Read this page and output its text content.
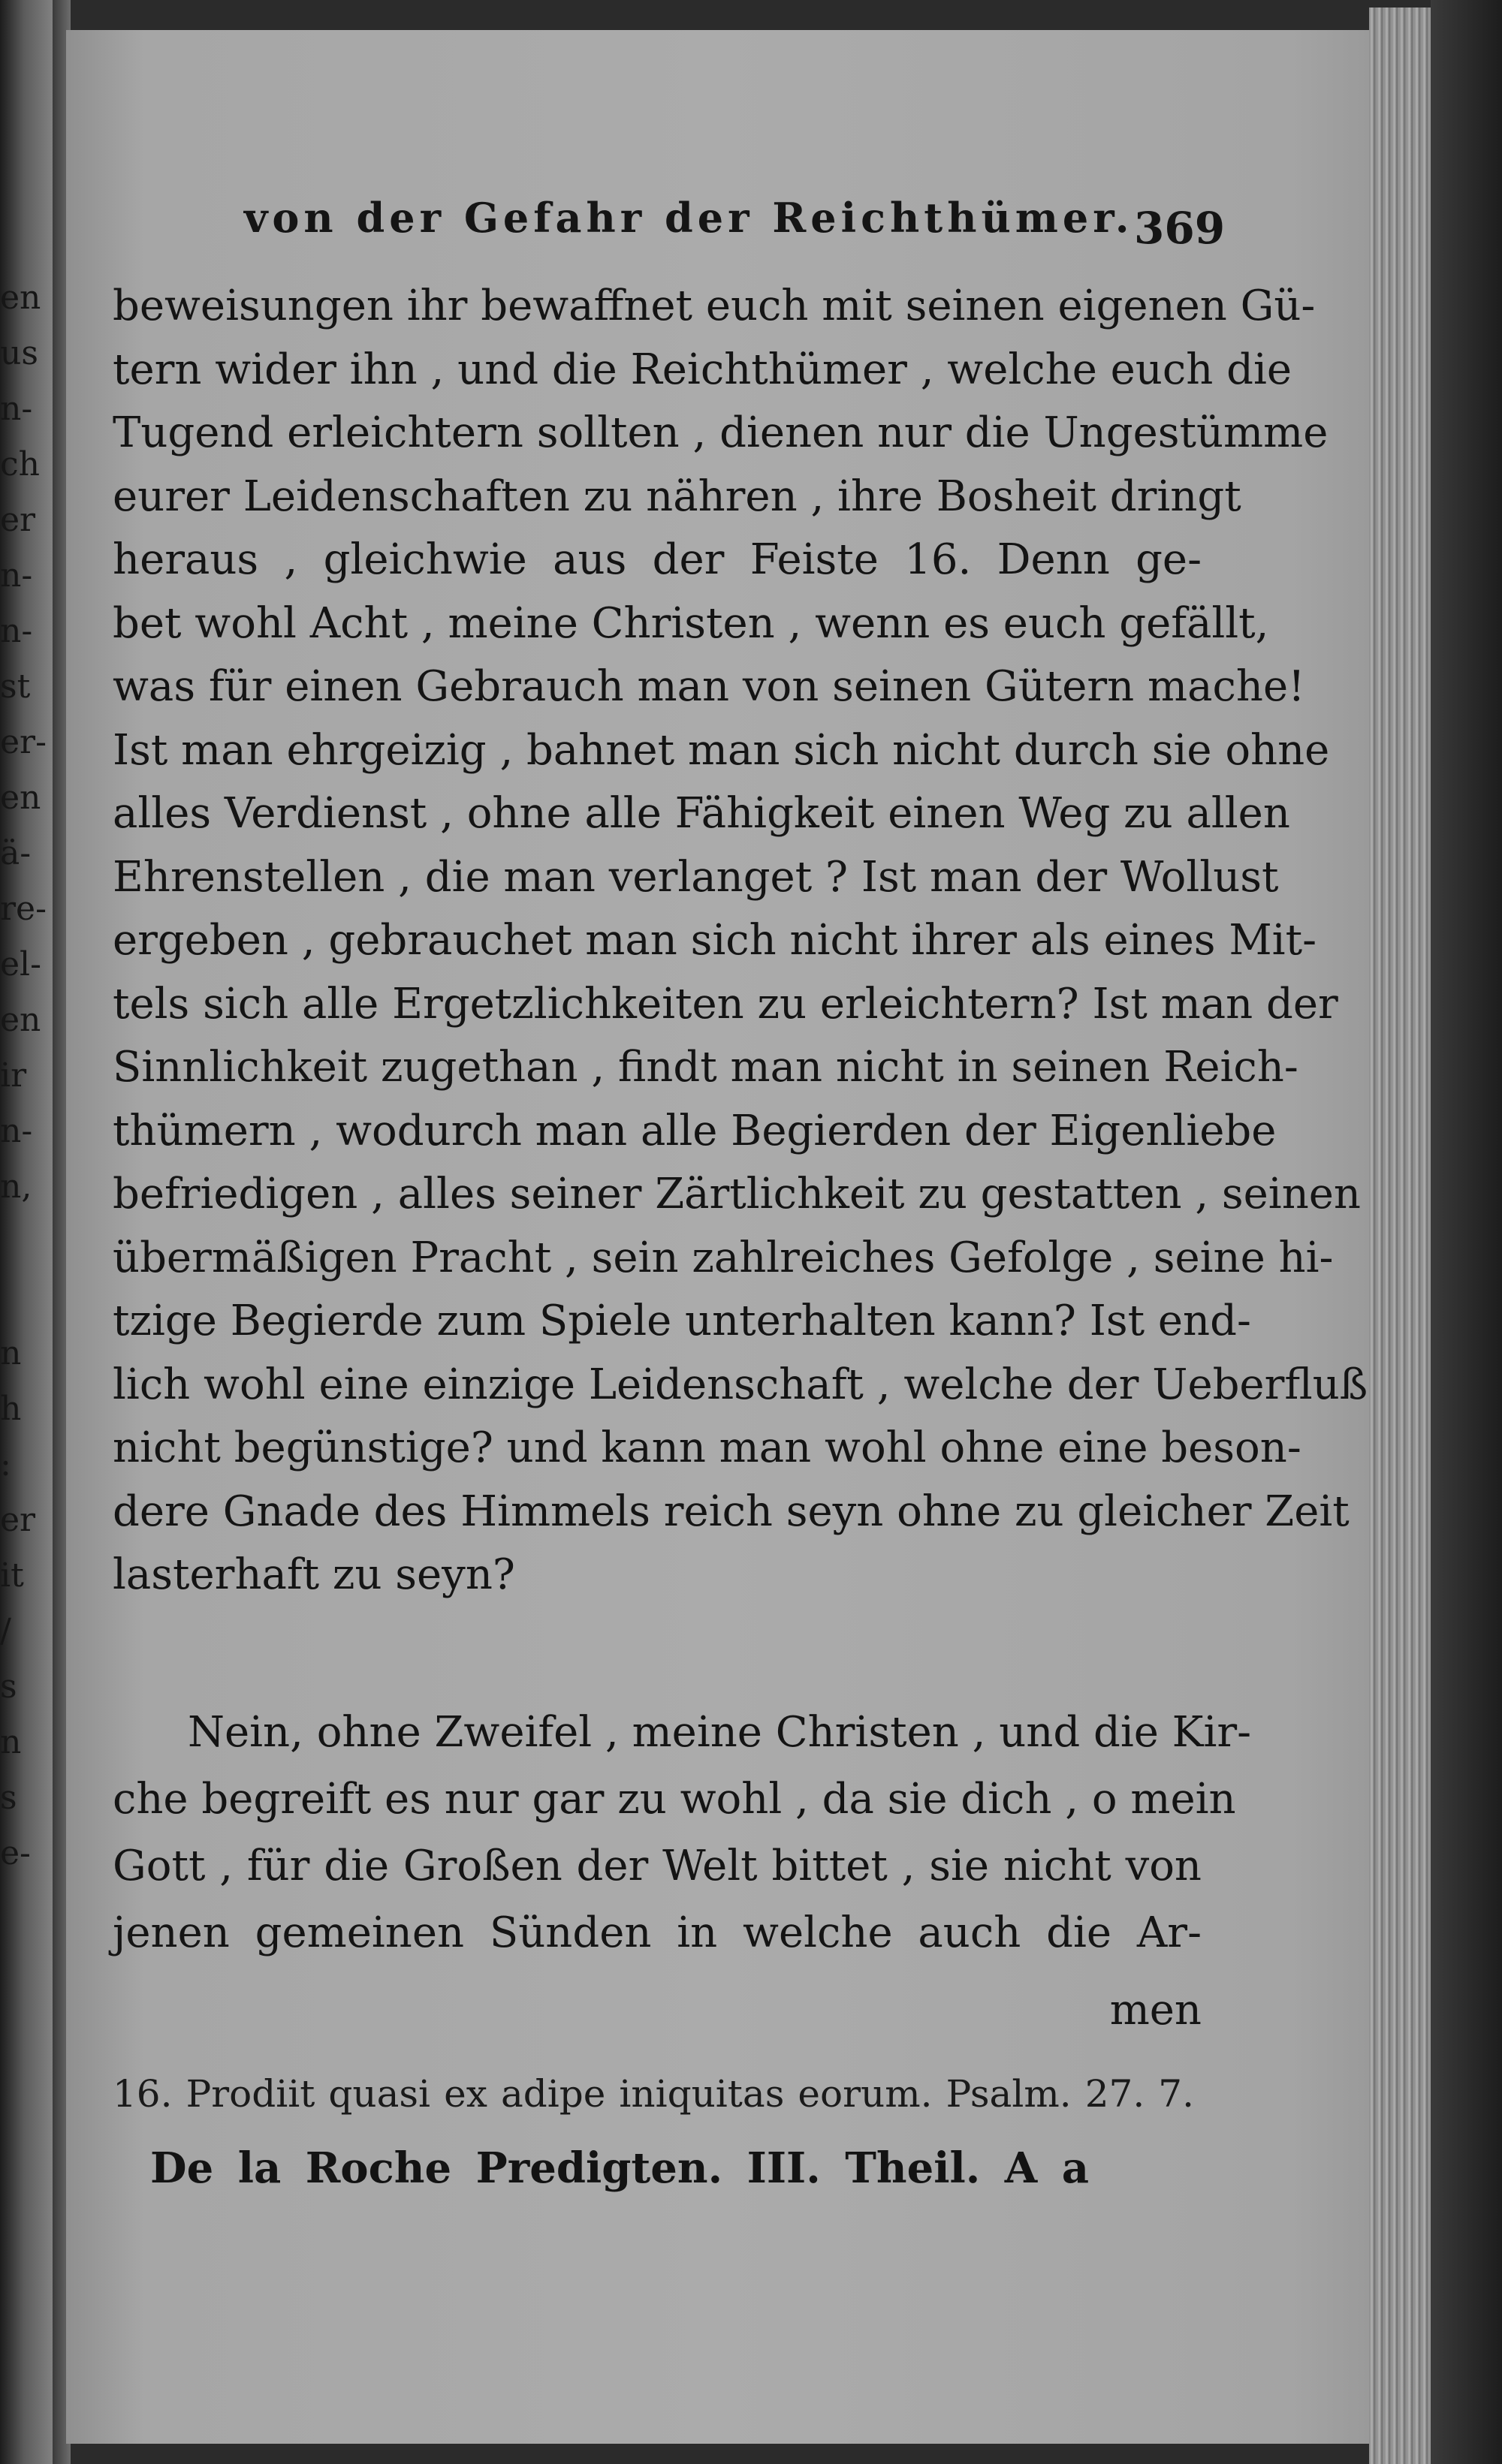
en
us
n-
ch
er
n-
n-
st
er-
en
ä-
re-
el-
en
ir
n-
n,
n
h
:
er
it
/
s
n
s
e-
von der Gefahr der Reichthümer. 369
beweisungen ihr bewaffnet euch mit seinen eigenen Gü-
tern wider ihn , und die Reichthümer , welche euch die
Tugend erleichtern sollten , dienen nur die Ungestümme
eurer Leidenschaften zu nähren , ihre Bosheit dringt
heraus , gleichwie aus der Feiste 16. Denn ge-
bet wohl Acht , meine Christen , wenn es euch gefällt,
was für einen Gebrauch man von seinen Gütern mache!
Ist man ehrgeizig , bahnet man sich nicht durch sie ohne
alles Verdienst , ohne alle Fähigkeit einen Weg zu allen
Ehrenstellen , die man verlanget ? Ist man der Wollust
ergeben , gebrauchet man sich nicht ihrer als eines Mit-
tels sich alle Ergetzlichkeiten zu erleichtern? Ist man der
Sinnlichkeit zugethan , findt man nicht in seinen Reich-
thümern , wodurch man alle Begierden der Eigenliebe
befriedigen , alles seiner Zärtlichkeit zu gestatten , seinen
übermäßigen Pracht , sein zahlreiches Gefolge , seine hi-
tzige Begierde zum Spiele unterhalten kann? Ist end-
lich wohl eine einzige Leidenschaft , welche der Ueberfluß
nicht begünstige? und kann man wohl ohne eine beson-
dere Gnade des Himmels reich seyn ohne zu gleicher Zeit
lasterhaft zu seyn?
Nein, ohne Zweifel , meine Christen , und die Kir-
che begreift es nur gar zu wohl , da sie dich , o mein
Gott , für die Großen der Welt bittet , sie nicht von
jenen gemeinen Sünden in welche auch die Ar-
men
16. Prodiit quasi ex adipe iniquitas eorum. Psalm. 27. 7.
De la Roche Predigten. III. Theil. A a
